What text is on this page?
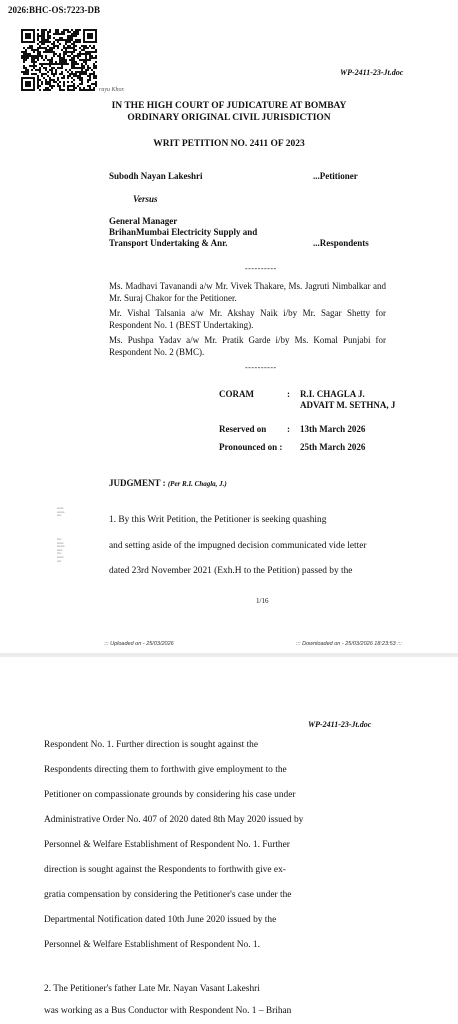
2026:BHC-OS:7223-DB
rayu Khor.
WP-2411-23-Jt.doc
IN THE HIGH COURT OF JUDICATURE AT BOMBAY
ORDINARY ORIGINAL CIVIL JURISDICTION
WRIT PETITION NO. 2411 OF 2023
Subodh Nayan Lakeshri	...Petitioner
Versus
General Manager
BrihanMumbai Electricity Supply and
Transport Undertaking & Anr.	...Respondents
----------
Ms. Madhavi Tavanandi a/w Mr. Vivek Thakare, Ms. Jagruti Nimbalkar and Mr. Suraj Chakor for the Petitioner.
Mr. Vishal Talsania a/w Mr. Akshay Naik i/by Mr. Sagar Shetty for Respondent No. 1 (BEST Undertaking).
Ms. Pushpa Yadav a/w Mr. Pratik Garde i/by Ms. Komal Punjabi for Respondent No. 2 (BMC).
----------
CORAM	: R.I. CHAGLA J.
ADVAIT M. SETHNA, J
Reserved on : 13th March 2026
Pronounced on : 25th March 2026
JUDGMENT : (Per R.I. Chagla, J.)
▪▪▪▪▪▪
▪▪▪▪▪▪▪
▪▪▪▪
▪▪▪▪
▪▪▪▪▪▪
▪▪▪▪▪▪▪
▪▪▪▪▪
▪▪▪▪
▪▪▪▪▪▪
▪▪▪▪
1. By this Writ Petition, the Petitioner is seeking quashing
and setting aside of the impugned decision communicated vide letter
dated 23rd November 2021 (Exh.H to the Petition) passed by the
1/16
::: Uploaded on - 25/03/2026	::: Downloaded on - 25/03/2026 18:23:53 :::
WP-2411-23-Jt.doc
Respondent No. 1. Further direction is sought against the
Respondents directing them to forthwith give employment to the
Petitioner on compassionate grounds by considering his case under
Administrative Order No. 407 of 2020 dated 8th May 2020 issued by
Personnel & Welfare Establishment of Respondent No. 1. Further
direction is sought against the Respondents to forthwith give ex-
gratia compensation by considering the Petitioner's case under the
Departmental Notification dated 10th June 2020 issued by the
Personnel & Welfare Establishment of Respondent No. 1.
2. The Petitioner's father Late Mr. Nayan Vasant Lakeshri
was working as a Bus Conductor with Respondent No. 1 – Brihan
